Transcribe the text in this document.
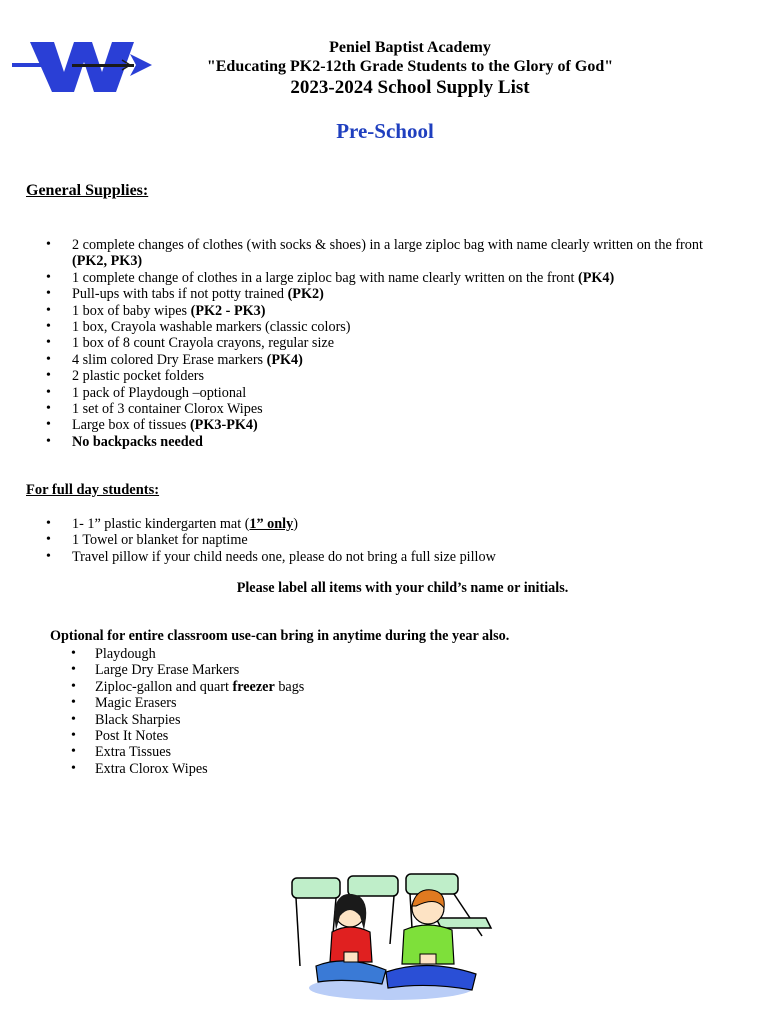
Peniel Baptist Academy
"Educating PK2-12th Grade Students to the Glory of God"
2023-2024 School Supply List
Pre-School
General Supplies:
• 2 complete changes of clothes (with socks & shoes) in a large ziploc bag with name clearly written on the front
(PK2, PK3)
• 1 complete change of clothes in a large ziploc bag with name clearly written on the front (PK4)
• Pull-ups with tabs if not potty trained (PK2)
• 1 box of baby wipes (PK2 - PK3)
• 1 box, Crayola washable markers (classic colors)
• 1 box of 8 count Crayola crayons, regular size
• 4 slim colored Dry Erase markers (PK4)
• 2 plastic pocket folders
• 1 pack of Playdough –optional
• 1 set of 3 container Clorox Wipes
• Large box of tissues (PK3-PK4)
• No backpacks needed
For full day students:
• 1- 1” plastic kindergarten mat (1” only)
• 1 Towel or blanket for naptime
• Travel pillow if your child needs one, please do not bring a full size pillow
Please label all items with your child’s name or initials.
Optional for entire classroom use-can bring in anytime during the year also.
• Playdough
• Large Dry Erase Markers
• Ziploc-gallon and quart freezer bags
• Magic Erasers
• Black Sharpies
• Post It Notes
• Extra Tissues
• Extra Clorox Wipes
